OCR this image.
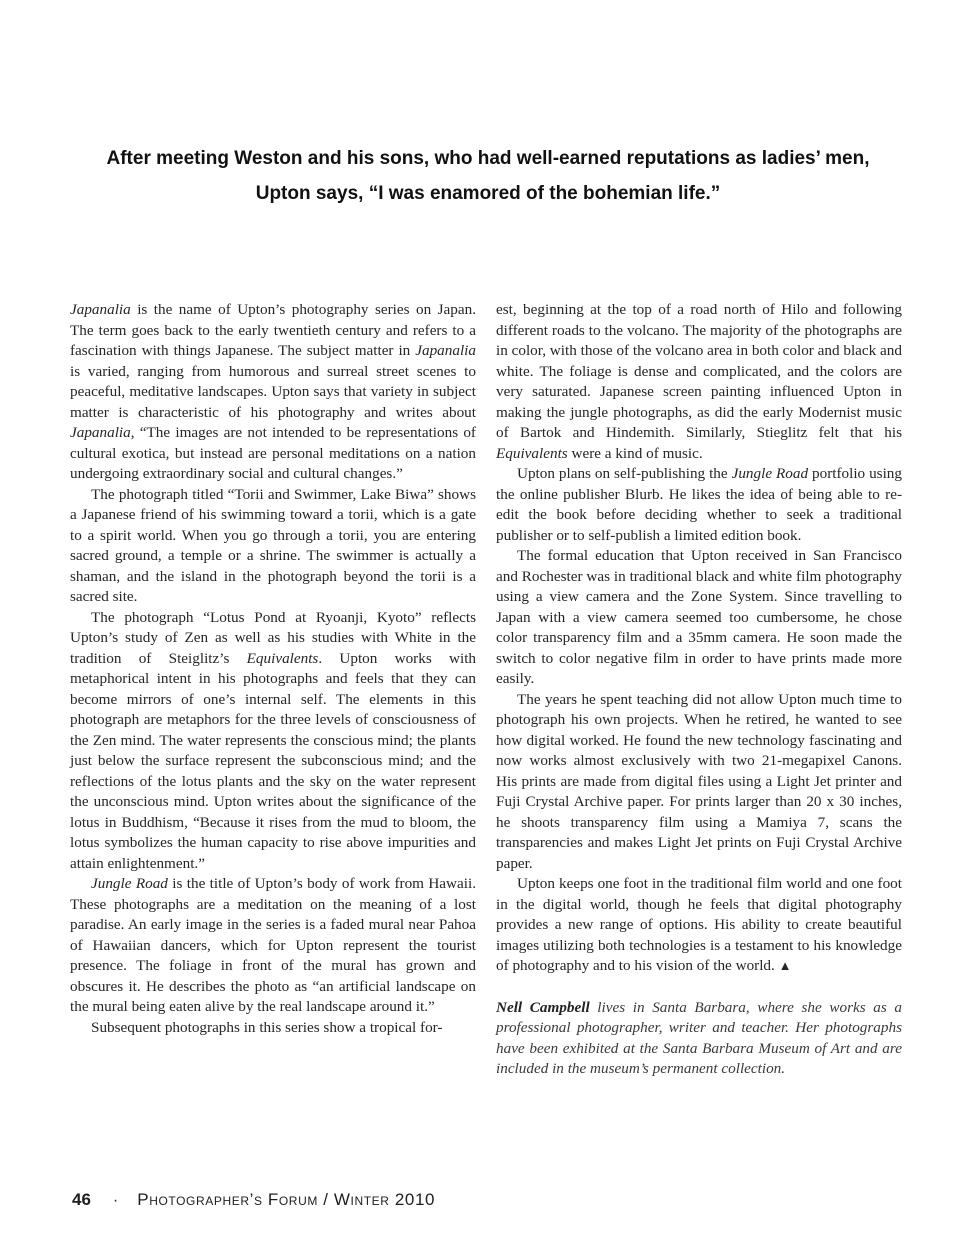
After meeting Weston and his sons, who had well-earned reputations as ladies’ men,
Upton says, “I was enamored of the bohemian life.”

Japanalia is the name of Upton’s photography series on Japan. The term goes back to the early twentieth century and refers to a fascination with things Japanese. The subject matter in Japanalia is varied, ranging from humorous and surreal street scenes to peaceful, meditative landscapes. Upton says that variety in subject matter is characteristic of his photography and writes about Japanalia, “The images are not intended to be representations of cultural exotica, but instead are personal meditations on a nation undergoing extraordinary social and cultural changes.”

The photograph titled “Torii and Swimmer, Lake Biwa” shows a Japanese friend of his swimming toward a torii, which is a gate to a spirit world. When you go through a torii, you are entering sacred ground, a temple or a shrine. The swimmer is actually a shaman, and the island in the photograph beyond the torii is a sacred site.

The photograph “Lotus Pond at Ryoanji, Kyoto” reflects Upton’s study of Zen as well as his studies with White in the tradition of Steiglitz’s Equivalents. Upton works with metaphorical intent in his photographs and feels that they can become mirrors of one’s internal self. The elements in this photograph are metaphors for the three levels of consciousness of the Zen mind. The water represents the conscious mind; the plants just below the surface represent the subconscious mind; and the reflections of the lotus plants and the sky on the water represent the unconscious mind. Upton writes about the significance of the lotus in Buddhism, “Because it rises from the mud to bloom, the lotus symbolizes the human capacity to rise above impurities and attain enlightenment.”

Jungle Road is the title of Upton’s body of work from Hawaii. These photographs are a meditation on the meaning of a lost paradise. An early image in the series is a faded mural near Pahoa of Hawaiian dancers, which for Upton represent the tourist presence. The foliage in front of the mural has grown and obscures it. He describes the photo as “an artificial landscape on the mural being eaten alive by the real landscape around it.”

Subsequent photographs in this series show a tropical for-

est, beginning at the top of a road north of Hilo and following different roads to the volcano. The majority of the photographs are in color, with those of the volcano area in both color and black and white. The foliage is dense and complicated, and the colors are very saturated. Japanese screen painting influenced Upton in making the jungle photographs, as did the early Modernist music of Bartok and Hindemith. Similarly, Stieglitz felt that his Equivalents were a kind of music.

Upton plans on self-publishing the Jungle Road portfolio using the online publisher Blurb. He likes the idea of being able to re-edit the book before deciding whether to seek a traditional publisher or to self-publish a limited edition book.

The formal education that Upton received in San Francisco and Rochester was in traditional black and white film photography using a view camera and the Zone System. Since travelling to Japan with a view camera seemed too cumbersome, he chose color transparency film and a 35mm camera. He soon made the switch to color negative film in order to have prints made more easily.

The years he spent teaching did not allow Upton much time to photograph his own projects. When he retired, he wanted to see how digital worked. He found the new technology fascinating and now works almost exclusively with two 21-megapixel Canons. His prints are made from digital files using a Light Jet printer and Fuji Crystal Archive paper. For prints larger than 20 x 30 inches, he shoots transparency film using a Mamiya 7, scans the transparencies and makes Light Jet prints on Fuji Crystal Archive paper.

Upton keeps one foot in the traditional film world and one foot in the digital world, though he feels that digital photography provides a new range of options. His ability to create beautiful images utilizing both technologies is a testament to his knowledge of photography and to his vision of the world. ▲

Nell Campbell lives in Santa Barbara, where she works as a professional photographer, writer and teacher. Her photographs have been exhibited at the Santa Barbara Museum of Art and are included in the museum’s permanent collection.

46 · Photographer’s Forum / Winter 2010
